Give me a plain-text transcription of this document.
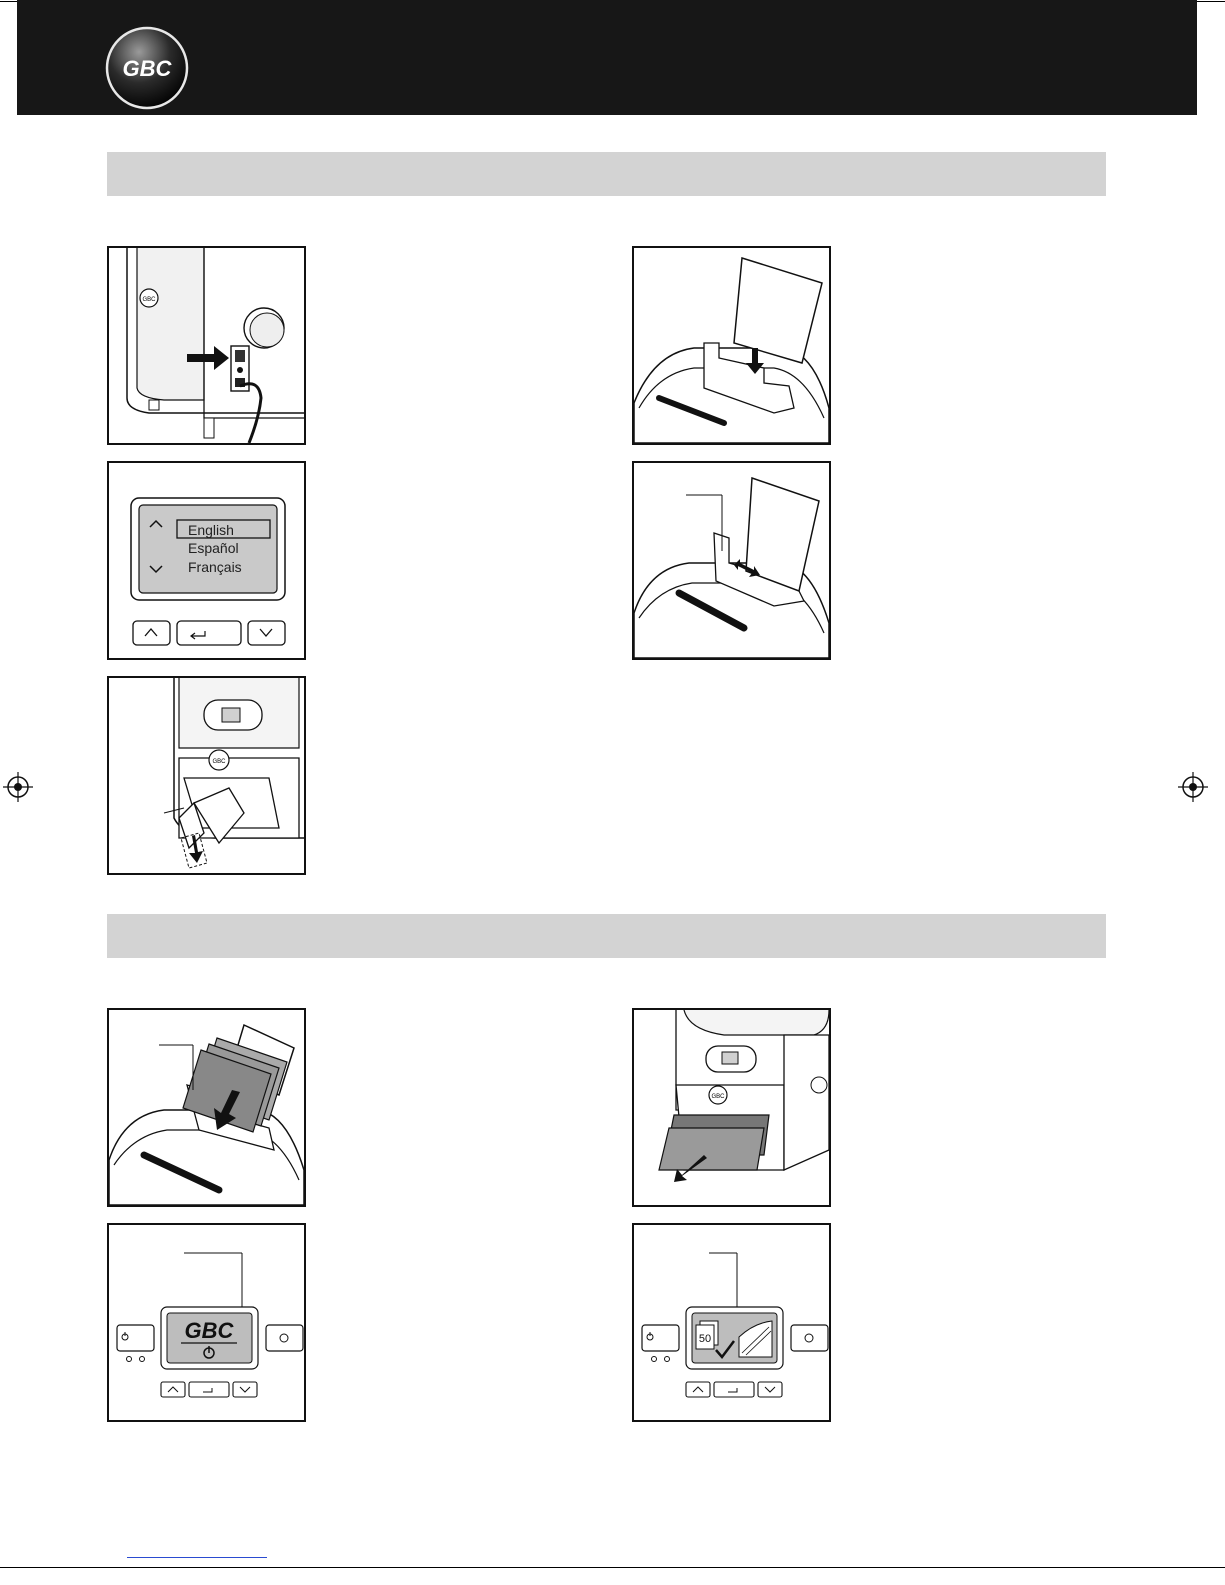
GBC
GBC
English
Español
Français
GBC
GBC
GBC	50
